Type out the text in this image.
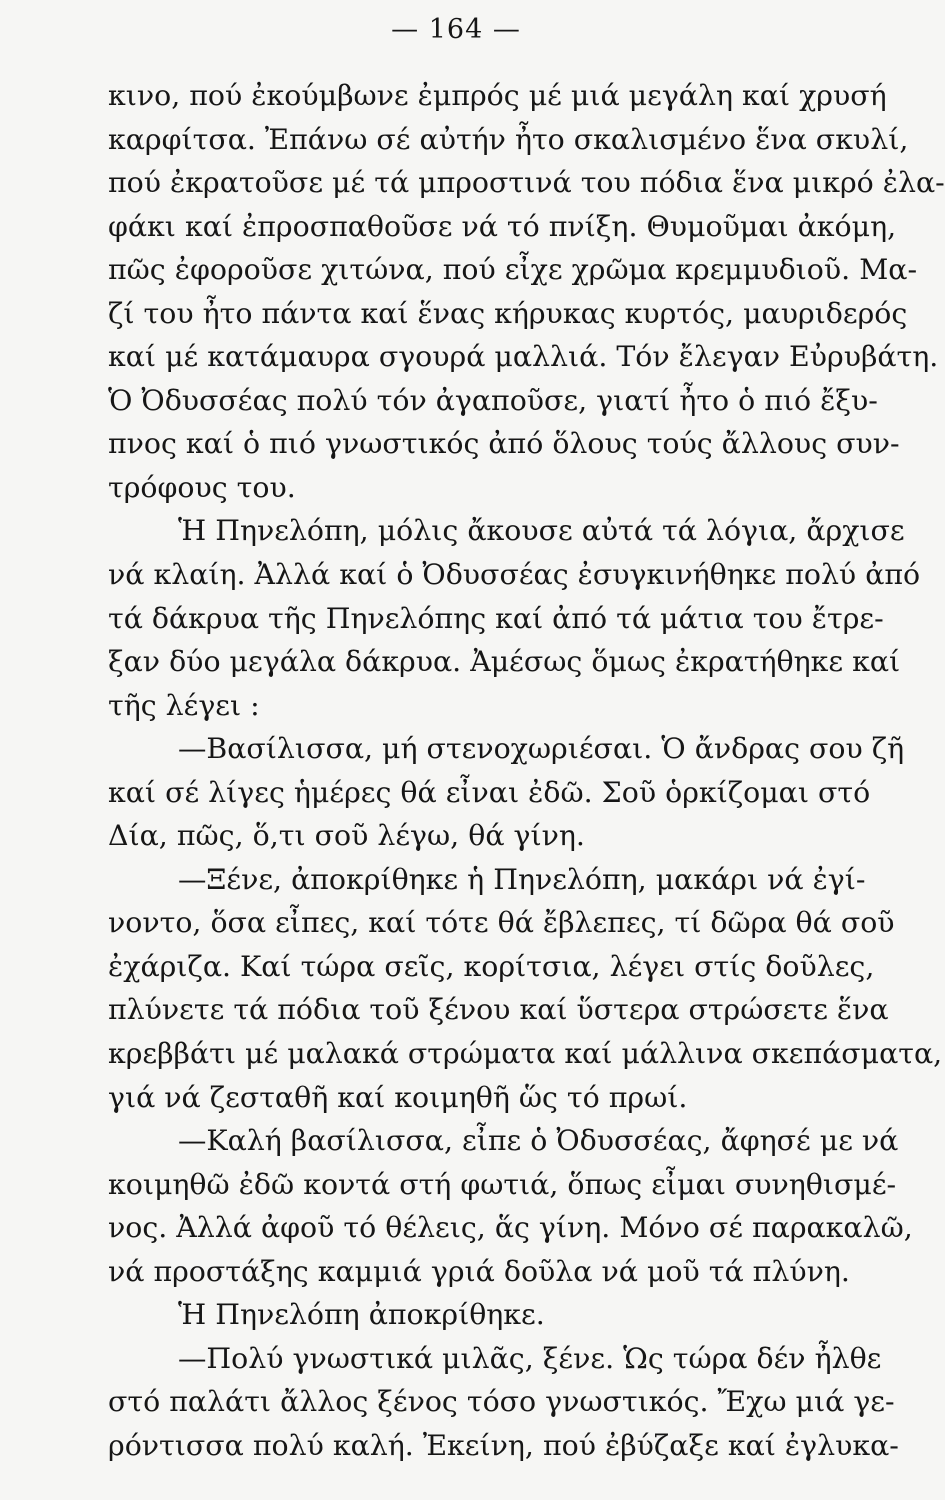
— 164 —
κινο, πού ἐκούμβωνε ἐμπρός μέ μιά μεγάλη καί χρυσή
καρφίτσα. Ἐπάνω σέ αὐτήν ἦτο σκαλισμένο ἕνα σκυλί,
πού ἐκρατοῦσε μέ τά μπροστινά του πόδια ἕνα μικρό ἐλα-
φάκι καί ἐπροσπαθοῦσε νά τό πνίξη. Θυμοῦμαι ἀκόμη,
πῶς ἐφοροῦσε χιτώνα, πού εἶχε χρῶμα κρεμμυδιοῦ. Μα-
ζί του ἦτο πάντα καί ἕνας κήρυκας κυρτός, μαυριδερός
καί μέ κατάμαυρα σγουρά μαλλιά. Τόν ἔλεγαν Εὐρυβάτη.
Ὁ Ὀδυσσέας πολύ τόν ἀγαποῦσε, γιατί ἦτο ὁ πιό ἔξυ-
πνος καί ὁ πιό γνωστικός ἀπό ὅλους τούς ἄλλους συν-
τρόφους του.
Ἡ Πηνελόπη, μόλις ἄκουσε αὐτά τά λόγια, ἄρχισε
νά κλαίη. Ἀλλά καί ὁ Ὀδυσσέας ἐσυγκινήθηκε πολύ ἀπό
τά δάκρυα τῆς Πηνελόπης καί ἀπό τά μάτια του ἔτρε-
ξαν δύο μεγάλα δάκρυα. Ἀμέσως ὅμως ἐκρατήθηκε καί
τῆς λέγει :
—Βασίλισσα, μή στενοχωριέσαι. Ὁ ἄνδρας σου ζῆ
καί σέ λίγες ἡμέρες θά εἶναι ἐδῶ. Σοῦ ὁρκίζομαι στό
Δία, πῶς, ὅ,τι σοῦ λέγω, θά γίνη.
—Ξένε, ἀποκρίθηκε ἡ Πηνελόπη, μακάρι νά ἐγί-
νοντο, ὅσα εἶπες, καί τότε θά ἔβλεπες, τί δῶρα θά σοῦ
ἐχάριζα. Καί τώρα σεῖς, κορίτσια, λέγει στίς δοῦλες,
πλύνετε τά πόδια τοῦ ξένου καί ὕστερα στρώσετε ἕνα
κρεββάτι μέ μαλακά στρώματα καί μάλλινα σκεπάσματα,
γιά νά ζεσταθῆ καί κοιμηθῆ ὥς τό πρωί.
—Καλή βασίλισσα, εἶπε ὁ Ὀδυσσέας, ἄφησέ με νά
κοιμηθῶ ἐδῶ κοντά στή φωτιά, ὅπως εἶμαι συνηθισμέ-
νος. Ἀλλά ἀφοῦ τό θέλεις, ἅς γίνη. Μόνο σέ παρακαλῶ,
νά προστάξης καμμιά γριά δοῦλα νά μοῦ τά πλύνη.
Ἡ Πηνελόπη ἀποκρίθηκε.
—Πολύ γνωστικά μιλᾶς, ξένε. Ὡς τώρα δέν ἦλθε
στό παλάτι ἄλλος ξένος τόσο γνωστικός. Ἔχω μιά γε-
ρόντισσα πολύ καλή. Ἐκείνη, πού ἐβύζαξε καί ἐγλυκα-
